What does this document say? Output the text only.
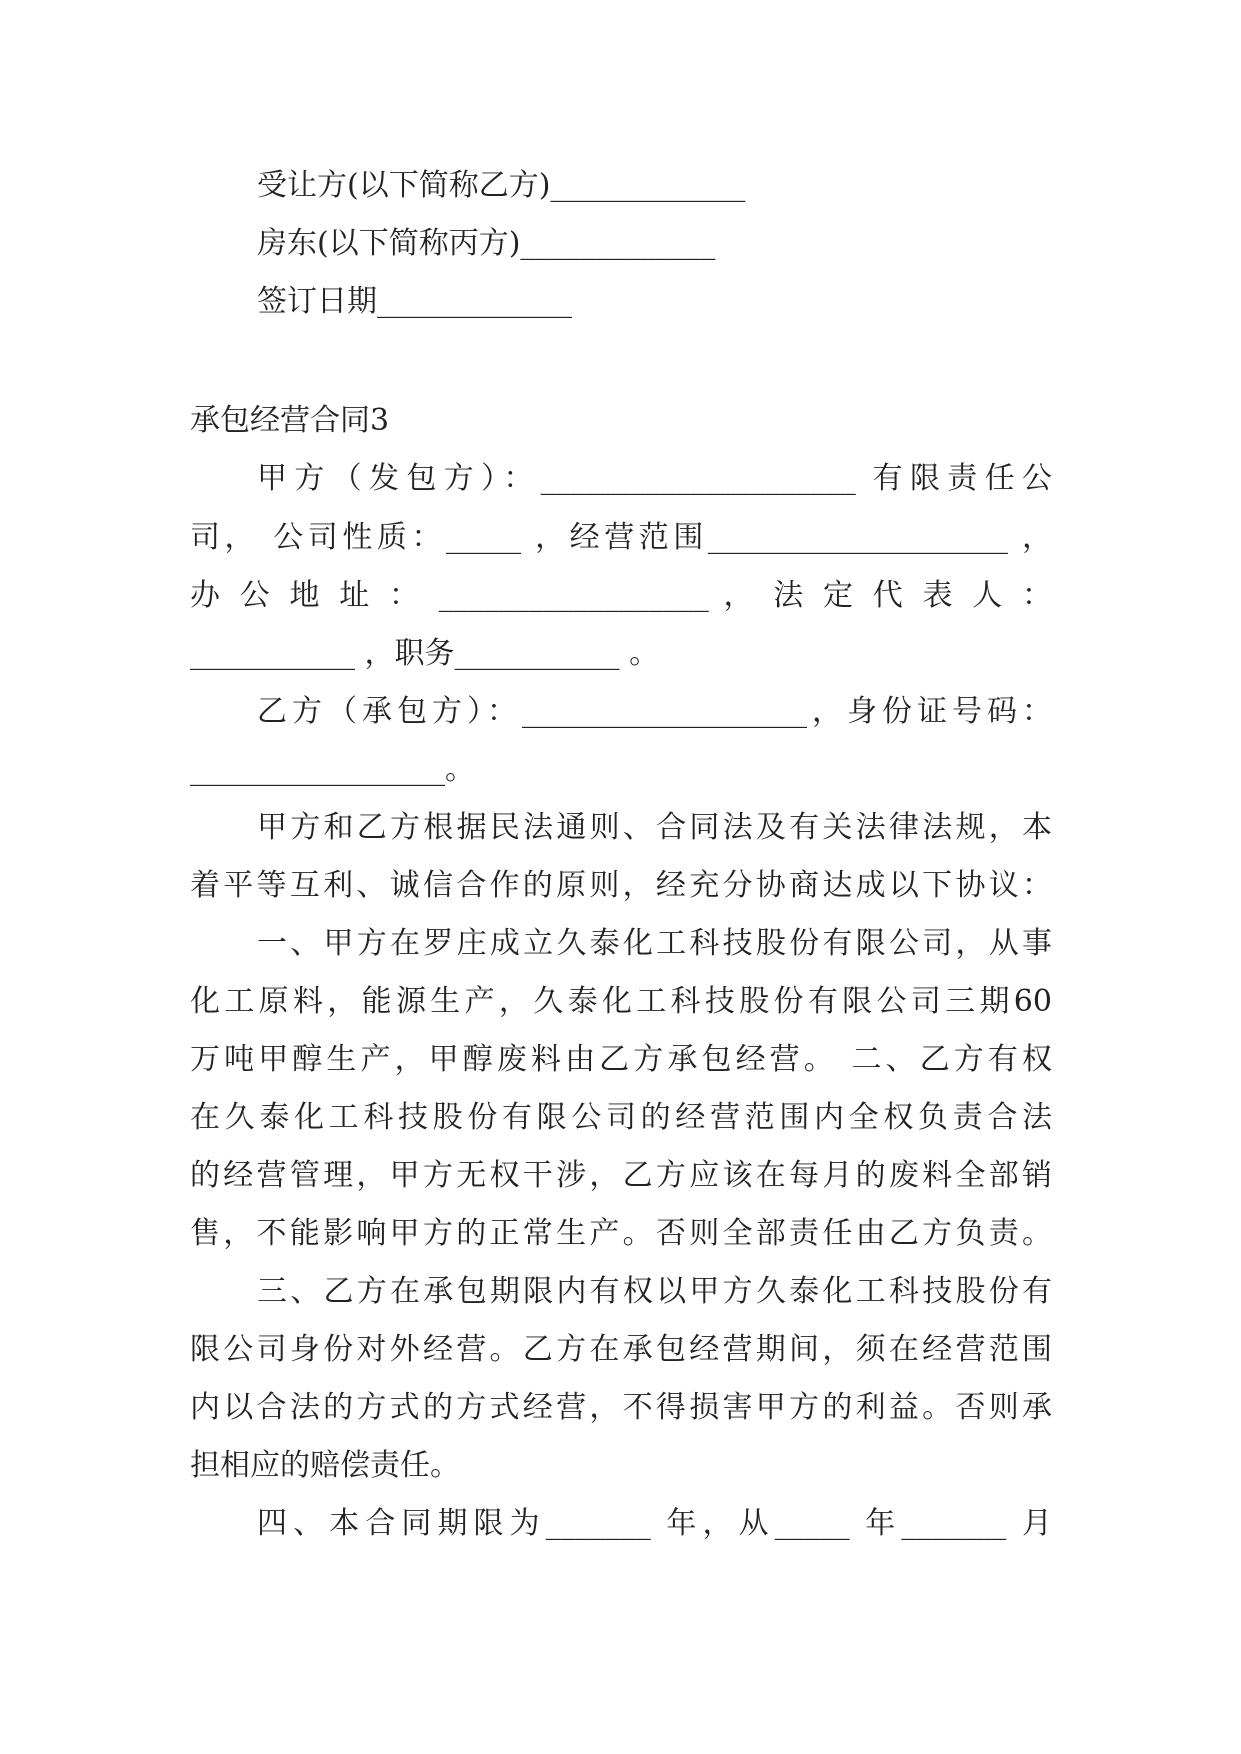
受让方(以下简称乙方)_____________

房东(以下简称丙方)_____________

签订日期_____________

承包经营合同3

甲方（发包方）：_____________________ 有限责任公

司， 公司性质：_____ ，经营范围____________________ ，

办 公 地 址 ： __________________ ， 法 定 代 表 人 ：

___________ ，职务___________ 。

乙方（承包方）：___________________，身份证号码：

_________________。

甲方和乙方根据民法通则、合同法及有关法律法规，本

着平等互利、诚信合作的原则，经充分协商达成以下协议：

一、甲方在罗庄成立久泰化工科技股份有限公司，从事

化工原料，能源生产，久泰化工科技股份有限公司三期60

万吨甲醇生产，甲醇废料由乙方承包经营。 二、乙方有权

在久泰化工科技股份有限公司的经营范围内全权负责合法

的经营管理，甲方无权干涉，乙方应该在每月的废料全部销

售，不能影响甲方的正常生产。否则全部责任由乙方负责。

三、乙方在承包期限内有权以甲方久泰化工科技股份有

限公司身份对外经营。乙方在承包经营期间，须在经营范围

内以合法的方式的方式经营，不得损害甲方的利益。否则承

担相应的赔偿责任。

四、本合同期限为_______ 年，从_____ 年_______ 月
